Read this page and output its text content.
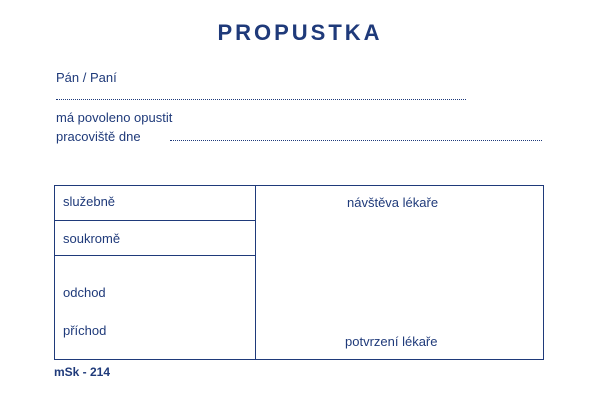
PROPUSTKA
Pán / Paní
má povoleno opustit
pracoviště dne
služebně
soukromě
odchod
příchod
návštěva lékaře
potvrzení lékaře
mSk - 214
